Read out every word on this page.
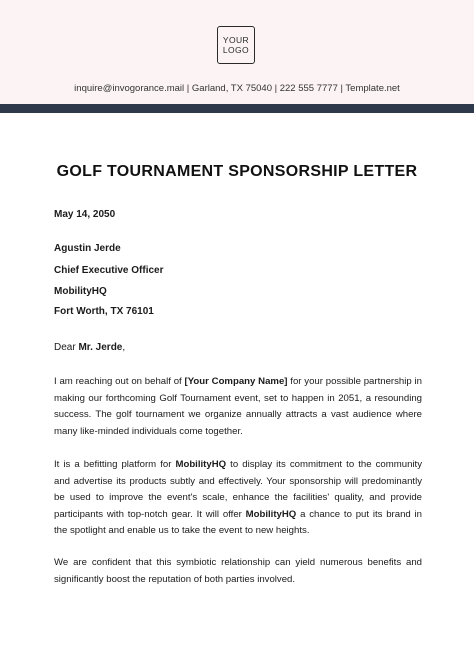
YOUR
LOGO
inquire@invogorance.mail | Garland, TX 75040 | 222 555 7777 | Template.net
GOLF TOURNAMENT SPONSORSHIP LETTER
May 14, 2050
Agustin Jerde
Chief Executive Officer
MobilityHQ
Fort Worth, TX 76101
Dear Mr. Jerde,
I am reaching out on behalf of [Your Company Name] for your possible partnership in making our forthcoming Golf Tournament event, set to happen in 2051, a resounding success. The golf tournament we organize annually attracts a vast audience where many like-minded individuals come together.
It is a befitting platform for MobilityHQ to display its commitment to the community and advertise its products subtly and effectively. Your sponsorship will predominantly be used to improve the event's scale, enhance the facilities' quality, and provide participants with top-notch gear. It will offer MobilityHQ a chance to put its brand in the spotlight and enable us to take the event to new heights.
We are confident that this symbiotic relationship can yield numerous benefits and significantly boost the reputation of both parties involved.
